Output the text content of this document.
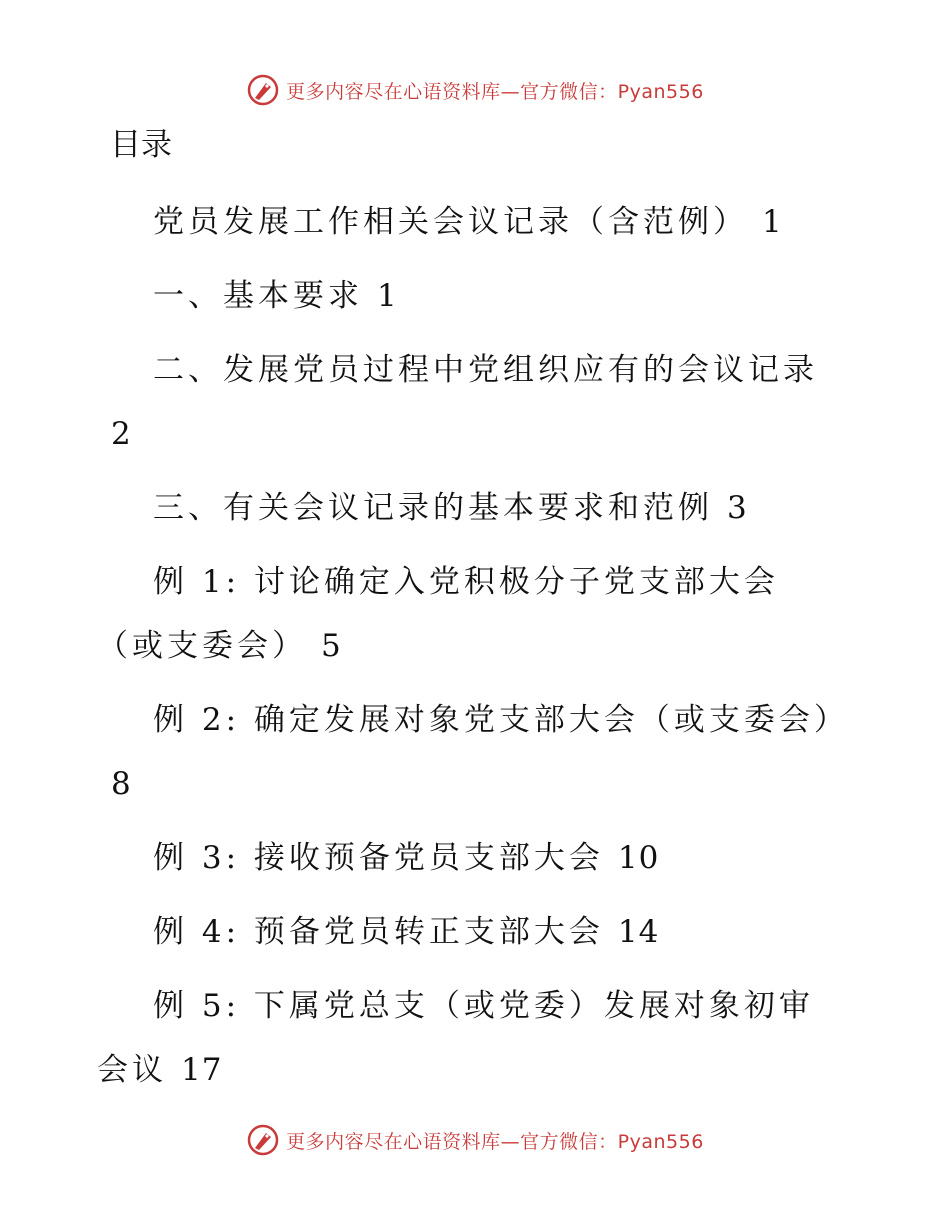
更多内容尽在心语资料库—官方微信：Pyan556
目录
党员发展工作相关会议记录（含范例） 1
一、基本要求 1
二、发展党员过程中党组织应有的会议记录2
三、有关会议记录的基本要求和范例 3
例 1: 讨论确定入党积极分子党支部大会（或支委会） 5
例 2: 确定发展对象党支部大会（或支委会）8
例 3: 接收预备党员支部大会 10
例 4: 预备党员转正支部大会 14
例 5: 下属党总支（或党委）发展对象初审会议 17
更多内容尽在心语资料库—官方微信：Pyan556
